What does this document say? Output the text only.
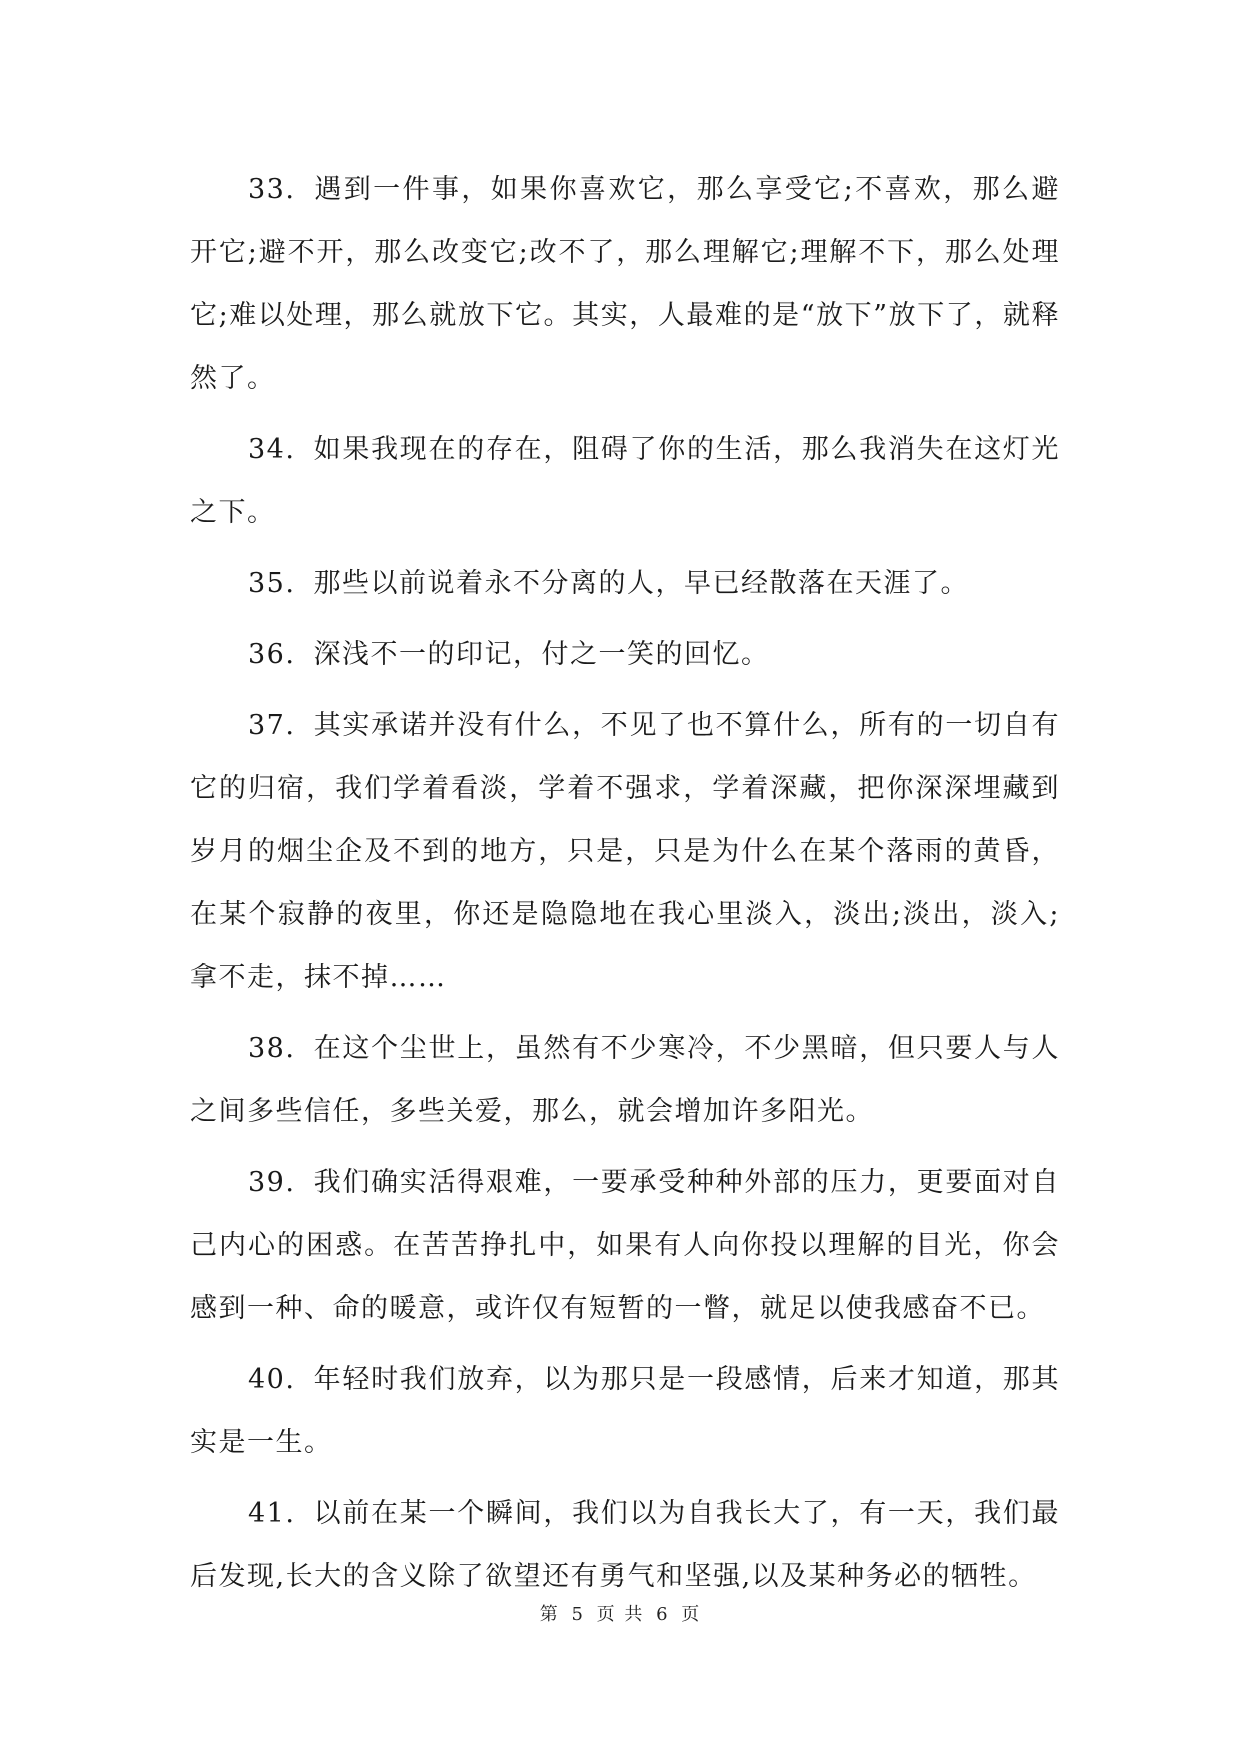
33. 遇到一件事，如果你喜欢它，那么享受它;不喜欢，那么避开它;避不开，那么改变它;改不了，那么理解它;理解不下，那么处理它;难以处理，那么就放下它。其实，人最难的是“放下”放下了，就释然了。

34. 如果我现在的存在，阻碍了你的生活，那么我消失在这灯光之下。

35. 那些以前说着永不分离的人，早已经散落在天涯了。

36. 深浅不一的印记，付之一笑的回忆。

37. 其实承诺并没有什么，不见了也不算什么，所有的一切自有它的归宿，我们学着看淡，学着不强求，学着深藏，把你深深埋藏到岁月的烟尘企及不到的地方，只是，只是为什么在某个落雨的黄昏，在某个寂静的夜里，你还是隐隐地在我心里淡入，淡出;淡出，淡入;拿不走，抹不掉……

38. 在这个尘世上，虽然有不少寒冷，不少黑暗，但只要人与人之间多些信任，多些关爱，那么，就会增加许多阳光。

39. 我们确实活得艰难，一要承受种种外部的压力，更要面对自己内心的困惑。在苦苦挣扎中，如果有人向你投以理解的目光，你会感到一种、命的暖意，或许仅有短暂的一瞥，就足以使我感奋不已。

40. 年轻时我们放弃，以为那只是一段感情，后来才知道，那其实是一生。

41. 以前在某一个瞬间，我们以为自我长大了，有一天，我们最后发现,长大的含义除了欲望还有勇气和坚强,以及某种务必的牺牲。

第 5 页 共 6 页
